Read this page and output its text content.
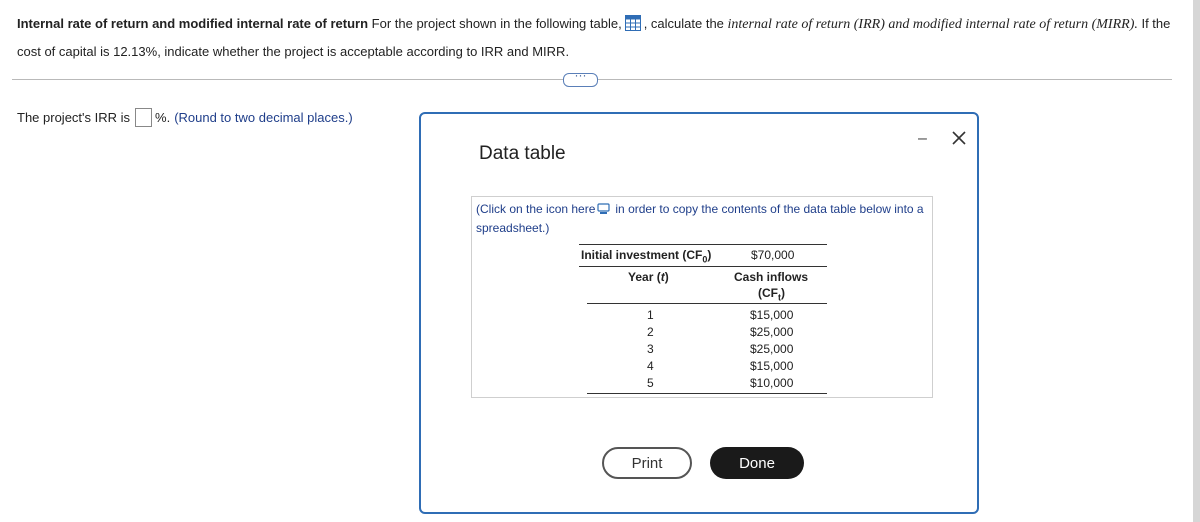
Internal rate of return and modified internal rate of return For the project shown in the following table, , calculate the internal rate of return (IRR) and modified internal rate of return (MIRR). If the cost of capital is 12.13%, indicate whether the project is acceptable according to IRR and MIRR.
···
The project's IRR is %. (Round to two decimal places.)
Data table
–
(Click on the icon here in order to copy the contents of the data table below into a spreadsheet.)
Initial investment $(CF_0)$	$70,000
Year (t)	Cash inflows
$(CF_t)$
1	$15,000
2	$25,000
3	$25,000
4	$15,000
5	$10,000
Print	Done
